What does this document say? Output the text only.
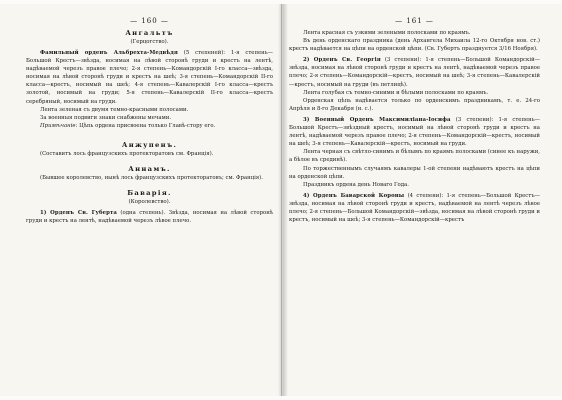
— 160 —
Ангальтъ
(Герцогство).

Фамильный орденъ Альбрехта-Медвѣдя (5 степеней): 1-я степень—Большой Крестъ—звѣзда, носимая на лѣвой сторонѣ груди и крестъ на лентѣ, надѣваемой черезъ правое плечо; 2-я степень—Командорскій I-го класса—звѣзда, носимая на лѣвой сторонѣ груди и крестъ на шеѣ; 3-я степень—Командорскій II-го класса—крестъ, носимый на шеѣ; 4-я степень—Кавалерскій I-го класса—крестъ золотой, носимый на груди; 5-я степень—Кавалерскій II-го класса—крестъ серебряный, носимый на груди.

Лента зеленая съ двумя темно-красными полосами.

За военныя подвиги знаки снабжены мечами.

Примѣчаніе: Цѣпь ордена присвоена только Главѣ-стору его.

Анжупенъ.

(Составитъ лось французскихъ протекторатовъ см. Франція).

Аннамъ.

(Бывшее королевство, нынѣ лось французскихъ протекторатовъ; см. Франція).

Баварія.
(Королевство).

1) Орденъ Св. Губерта (одна степень). Звѣзда, носимая на лѣвой сторонѣ груди и крестъ на лентѣ, надѣваемой черезъ лѣвое плечо.

— 161 —

Лента красная съ узкими зелеными полосками по краямъ.

Въ день орденскаго праздника (день Архангела Михаила 12-го Октября нов. ст.) крестъ надѣвается на цѣпи на орденской цѣпи. (Св. Губертъ празднуется 3/16 Ноября).

2) Орденъ Св. Георгія (3 степени): 1-я степень—Большой Командорскій—звѣзда, носимая на лѣвой сторонѣ груди и крестъ на лентѣ, надѣваемой черезъ правое плечо; 2-я степень—Командорскій—крестъ, носимый на шеѣ; 3-я степень—Кавалерскій—крестъ, носимый на груди (въ петлицѣ).

Лента голубая съ темно-синими и бѣлыми полосками по краямъ.

Орденская цѣпь надѣвается только по орденскимъ праздникамъ, т. е. 24-го Апрѣля и 8-го Декабря (н. с.).

3) Военный Орденъ Максимиліана-Іосифа (3 степени): 1-я степень—Большой Крестъ—звѣздный крестъ, носимый на лѣвой сторонѣ груди и крестъ на лентѣ, надѣваемой черезъ правое плечо; 2-я степень—Командорскій—крестъ, носимый на шеѣ; 3-я степень—Кавалерскій—крестъ, носимый на груди.

Лента черная съ свѣтло-синимъ и бѣлымъ по краямъ полосками (синее къ наружи, а бѣлое въ срединѣ).

По торжественнымъ случаямъ кавалеры 1-ой степени надѣваютъ крестъ на цѣпи на орденской цѣпи.

Праздникъ ордена день Новаго Года.

4) Орденъ Баварской Короны (4 степени): 1-я степень—Большой Крестъ—звѣзда, носимая на лѣвой сторонѣ груди и крестъ, надѣваемой на лентѣ черезъ лѣвое плечо; 2-я степень—Большой Командорскій—звѣзда, носимая на лѣвой сторонѣ груди и крестъ, носимый на шеѣ; 3-я степень—Командорскій—крестъ
